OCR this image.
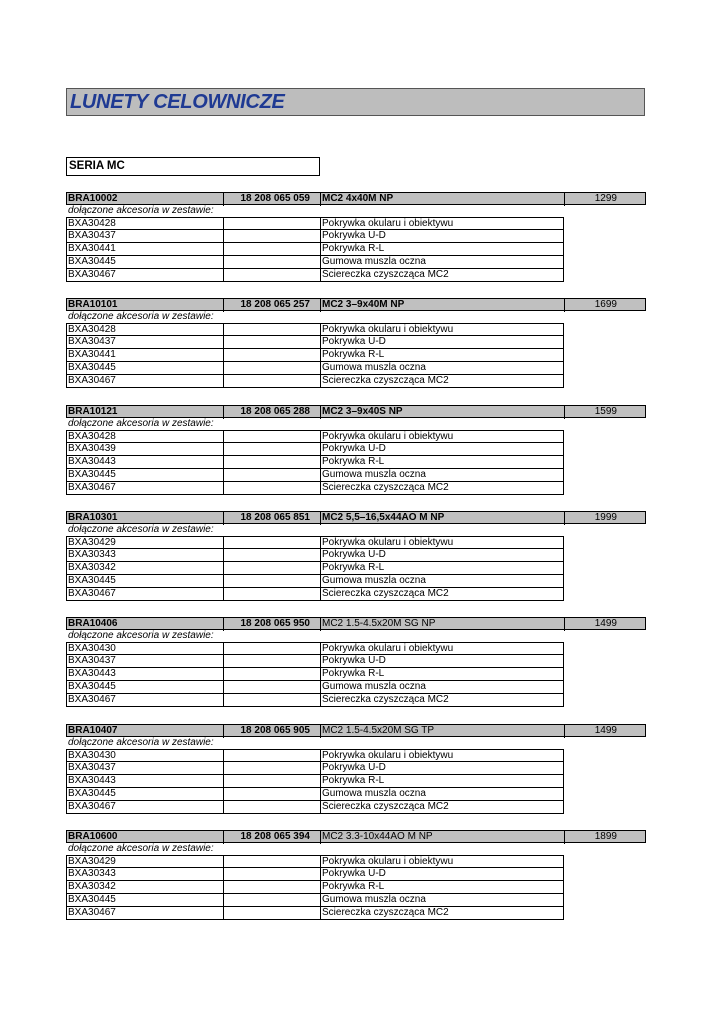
LUNETY CELOWNICZE
SERIA MC
BRA10002	18 208 065 059	MC2 4x40M NP	1299
dołączone akcesoria w zestawie:
BXA30428	Pokrywka okularu i obiektywu
BXA30437	Pokrywka U-D
BXA30441	Pokrywka R-L
BXA30445	Gumowa muszla oczna
BXA30467	Ściereczka czyszcząca MC2
BRA10101	18 208 065 257	MC2 3–9x40M NP	1699
dołączone akcesoria w zestawie:
BXA30428	Pokrywka okularu i obiektywu
BXA30437	Pokrywka U-D
BXA30441	Pokrywka R-L
BXA30445	Gumowa muszla oczna
BXA30467	Ściereczka czyszcząca MC2
BRA10121	18 208 065 288	MC2 3–9x40S NP	1599
dołączone akcesoria w zestawie:
BXA30428	Pokrywka okularu i obiektywu
BXA30439	Pokrywka U-D
BXA30443	Pokrywka R-L
BXA30445	Gumowa muszla oczna
BXA30467	Ściereczka czyszcząca MC2
BRA10301	18 208 065 851	MC2 5,5–16,5x44AO M NP	1999
dołączone akcesoria w zestawie:
BXA30429	Pokrywka okularu i obiektywu
BXA30343	Pokrywka U-D
BXA30342	Pokrywka R-L
BXA30445	Gumowa muszla oczna
BXA30467	Ściereczka czyszcząca MC2
BRA10406	18 208 065 950	MC2 1.5-4.5x20M SG NP	1499
dołączone akcesoria w zestawie:
BXA30430	Pokrywka okularu i obiektywu
BXA30437	Pokrywka U-D
BXA30443	Pokrywka R-L
BXA30445	Gumowa muszla oczna
BXA30467	Ściereczka czyszcząca MC2
BRA10407	18 208 065 905	MC2 1.5-4.5x20M SG TP	1499
dołączone akcesoria w zestawie:
BXA30430	Pokrywka okularu i obiektywu
BXA30437	Pokrywka U-D
BXA30443	Pokrywka R-L
BXA30445	Gumowa muszla oczna
BXA30467	Ściereczka czyszcząca MC2
BRA10600	18 208 065 394	MC2 3.3-10x44AO M NP	1899
dołączone akcesoria w zestawie:
BXA30429	Pokrywka okularu i obiektywu
BXA30343	Pokrywka U-D
BXA30342	Pokrywka R-L
BXA30445	Gumowa muszla oczna
BXA30467	Ściereczka czyszcząca MC2
